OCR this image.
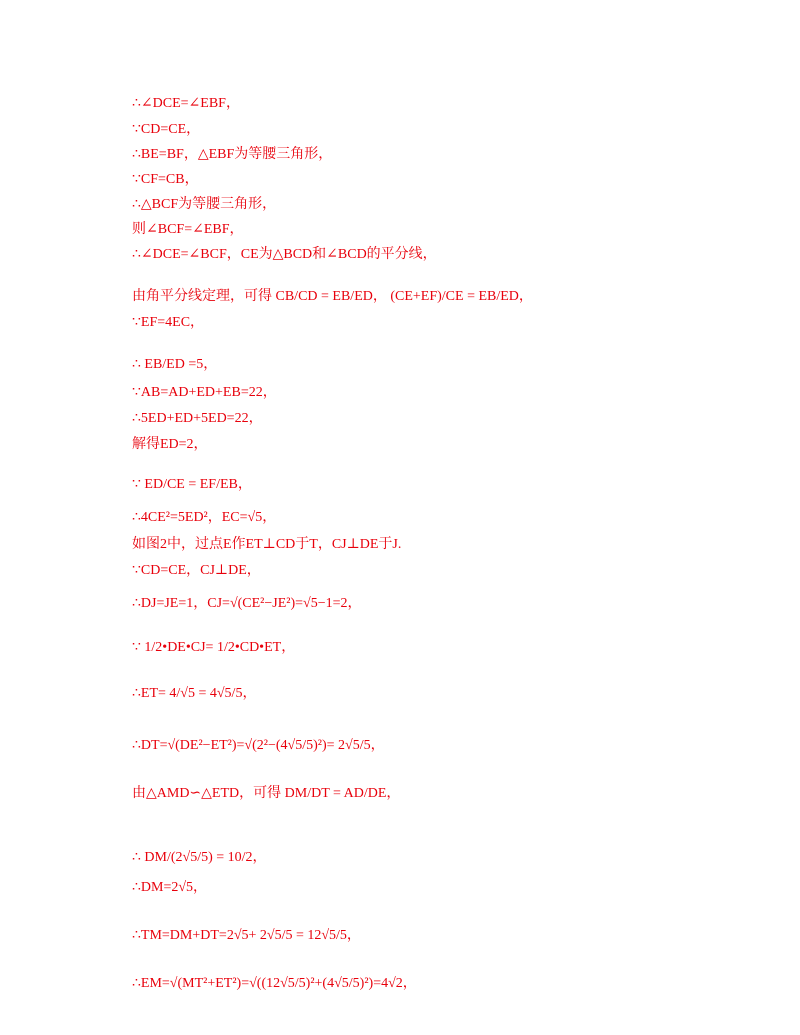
∴∠DCE=∠EBF，
∵CD=CE，
∴BE=BF，△EBF为等腰三角形，
∵CF=CB，
∴△BCF为等腰三角形，
则∠BCF=∠EBF，
∴∠DCE=∠BCF，CE为△BCD和∠BCD的平分线，
由角平分线定理，可得 CB/CD = EB/ED， (CE+EF)/CE = EB/ED，
∵EF=4EC，
∴ EB/ED =5，
∵AB=AD+ED+EB=22，
∴5ED+ED+5ED=22，
解得ED=2，
∵ ED/CE = EF/EB，
∴4CE²=5ED²，EC=√5，
如图2中，过点E作ET⊥CD于T，CJ⊥DE于J.
∵CD=CE，CJ⊥DE，
∴DJ=JE=1，CJ=√(CE²−JE²)=√5−1=2，
∵ 1/2•DE•CJ= 1/2•CD•ET，
∴ET= 4/√5 = 4√5/5，
∴DT=√(DE²−ET²)=√(2²−(4√5/5)²)= 2√5/5，
由△AMD∽△ETD，可得 DM/DT = AD/DE，
∴ DM/(2√5/5) = 10/2，
∴DM=2√5，
∴TM=DM+DT=2√5+ 2√5/5 = 12√5/5，
∴EM=√(MT²+ET²)=√((12√5/5)²+(4√5/5)²)=4√2，
